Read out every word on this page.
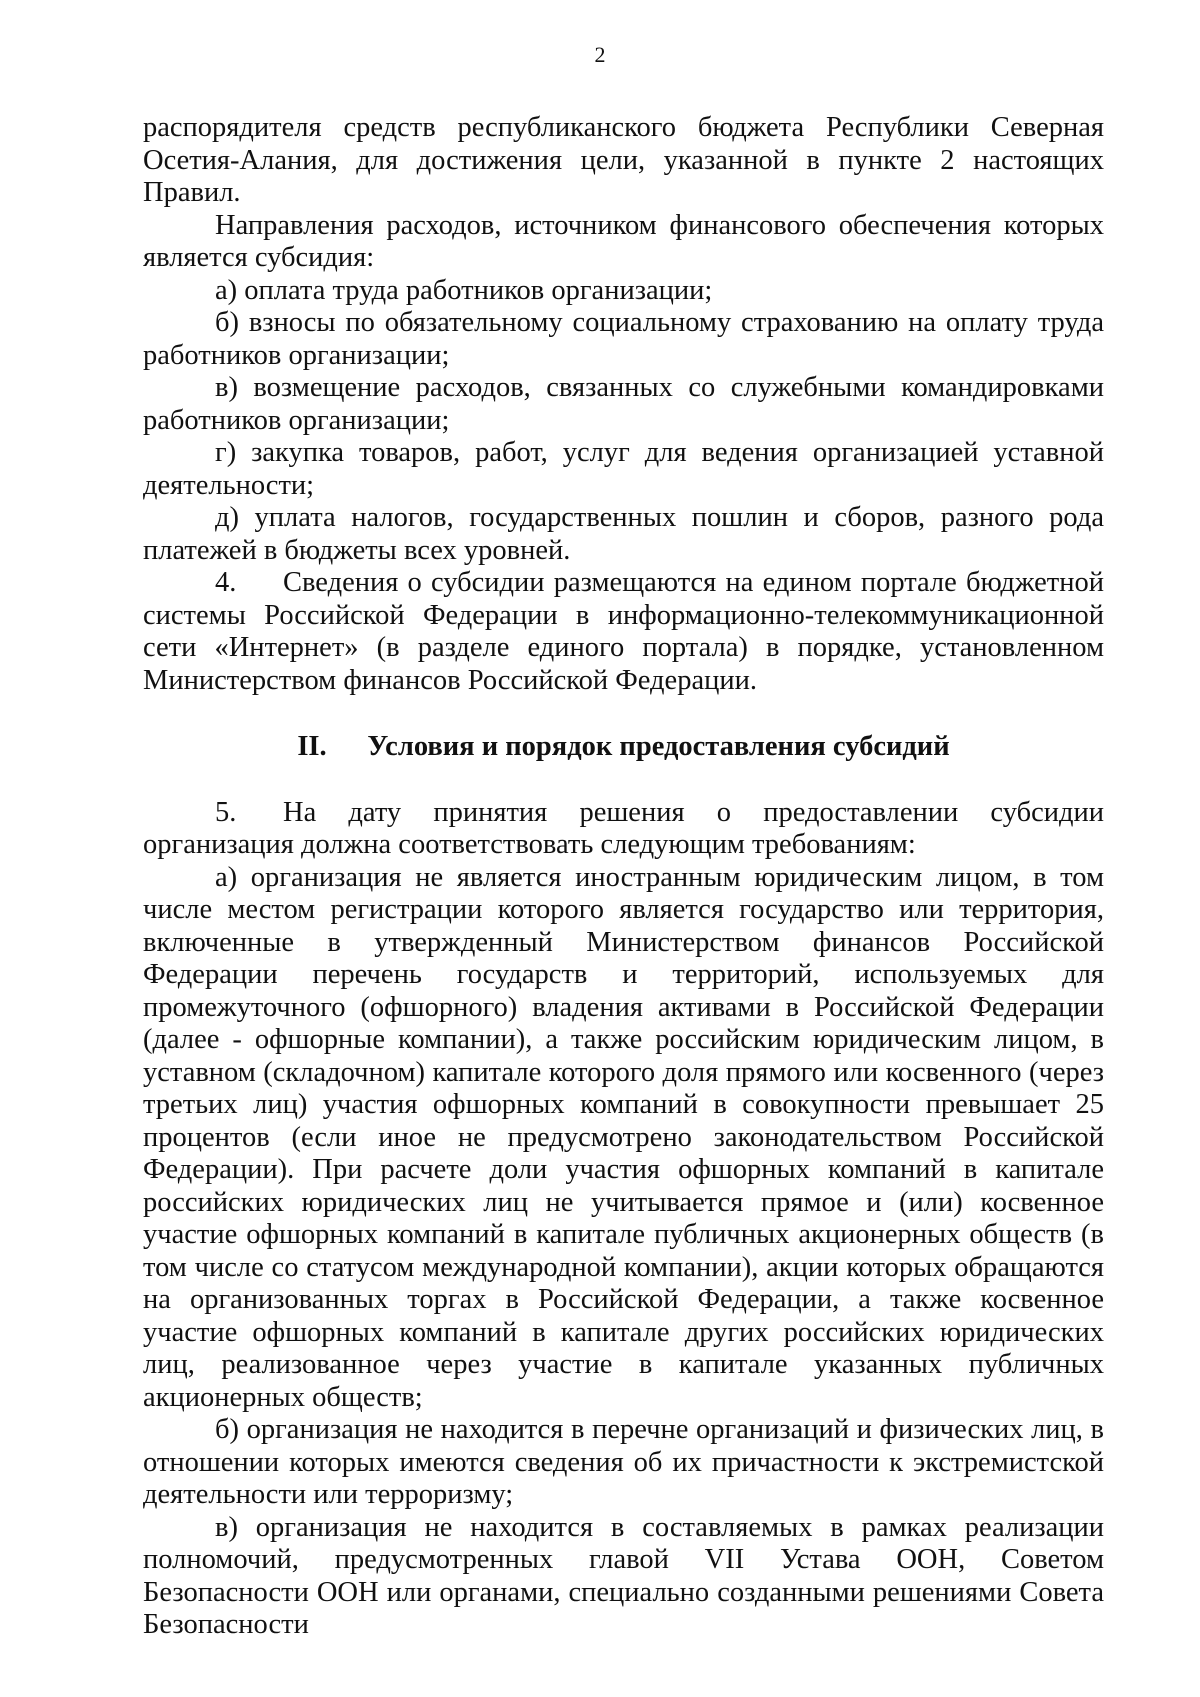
2

распорядителя средств республиканского бюджета Республики Северная Осетия-Алания, для достижения цели, указанной в пункте 2 настоящих Правил.

Направления расходов, источником финансового обеспечения которых является субсидия:

а) оплата труда работников организации;

б) взносы по обязательному социальному страхованию на оплату труда работников организации;

в) возмещение расходов, связанных со служебными командировками работников организации;

г) закупка товаров, работ, услуг для ведения организацией уставной деятельности;

д) уплата налогов, государственных пошлин и сборов, разного рода платежей в бюджеты всех уровней.

4. Сведения о субсидии размещаются на едином портале бюджетной системы Российской Федерации в информационно-телекоммуникационной сети «Интернет» (в разделе единого портала) в порядке, установленном Министерством финансов Российской Федерации.

II. Условия и порядок предоставления субсидий

5. На дату принятия решения о предоставлении субсидии организация должна соответствовать следующим требованиям:

а) организация не является иностранным юридическим лицом, в том числе местом регистрации которого является государство или территория, включенные в утвержденный Министерством финансов Российской Федерации перечень государств и территорий, используемых для промежуточного (офшорного) владения активами в Российской Федерации (далее - офшорные компании), а также российским юридическим лицом, в уставном (складочном) капитале которого доля прямого или косвенного (через третьих лиц) участия офшорных компаний в совокупности превышает 25 процентов (если иное не предусмотрено законодательством Российской Федерации). При расчете доли участия офшорных компаний в капитале российских юридических лиц не учитывается прямое и (или) косвенное участие офшорных компаний в капитале публичных акционерных обществ (в том числе со статусом международной компании), акции которых обращаются на организованных торгах в Российской Федерации, а также косвенное участие офшорных компаний в капитале других российских юридических лиц, реализованное через участие в капитале указанных публичных акционерных обществ;

б) организация не находится в перечне организаций и физических лиц, в отношении которых имеются сведения об их причастности к экстремистской деятельности или терроризму;

в) организация не находится в составляемых в рамках реализации полномочий, предусмотренных главой VII Устава ООН, Советом Безопасности ООН или органами, специально созданными решениями Совета Безопасности
